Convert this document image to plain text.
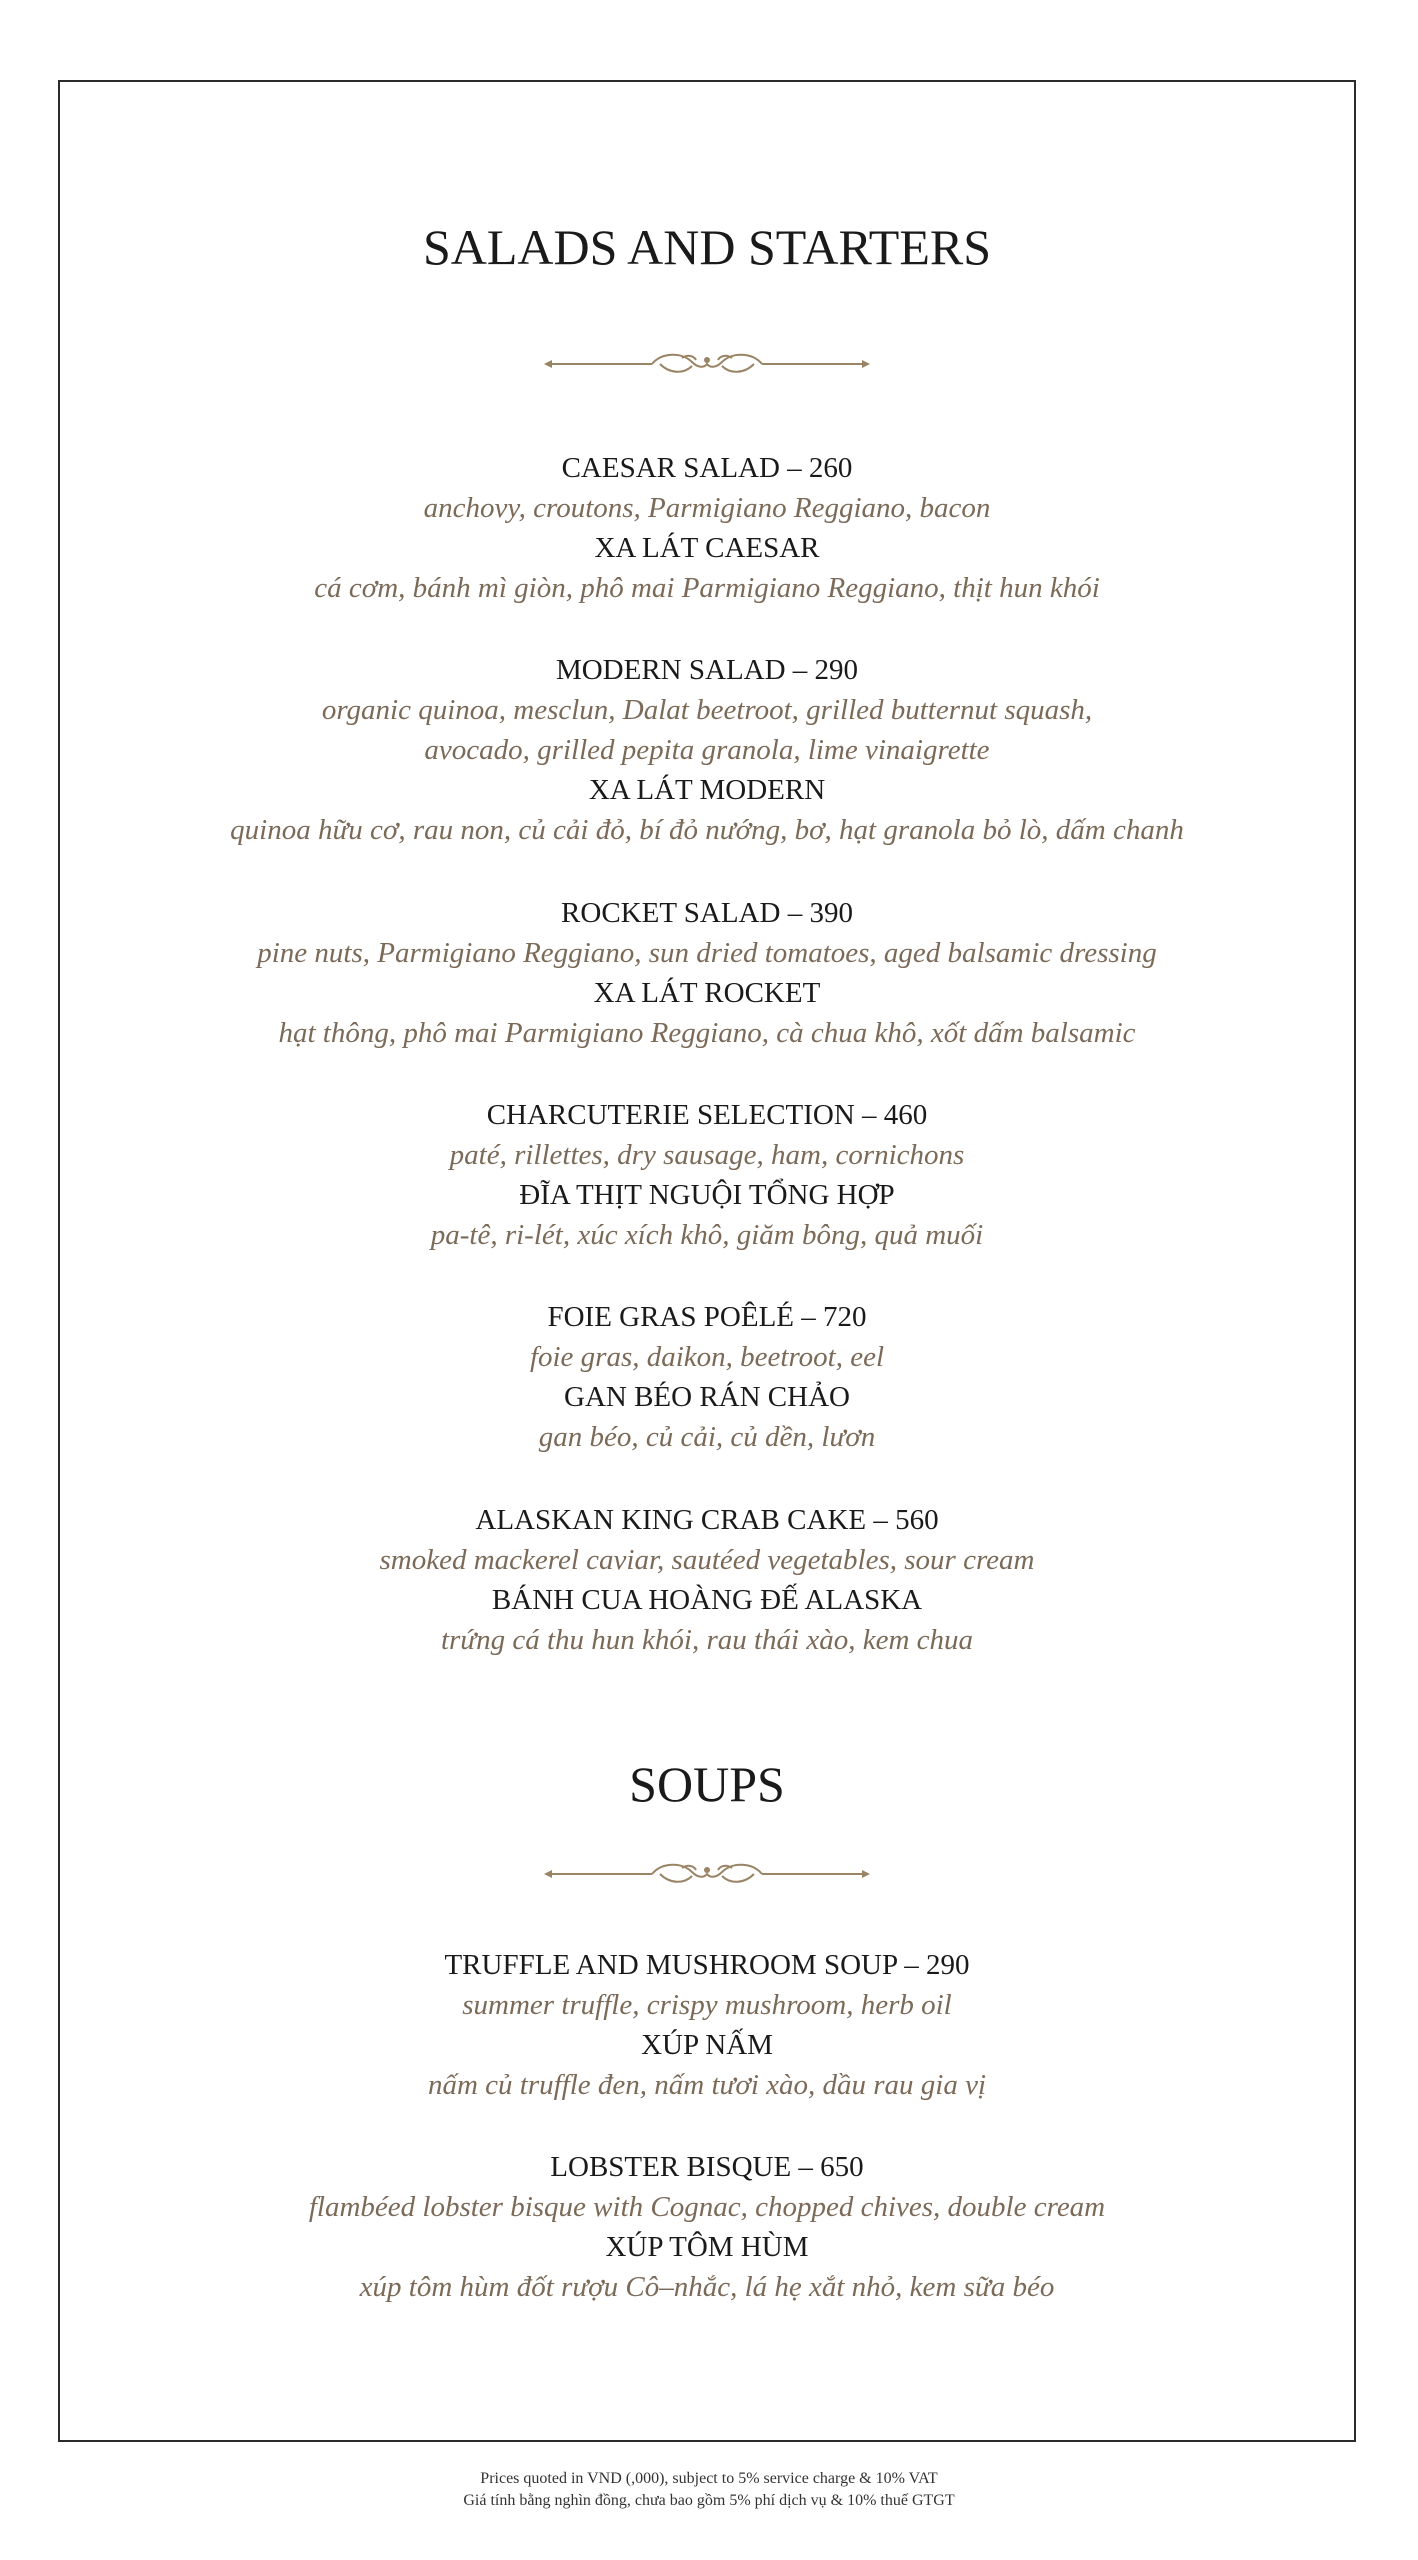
SALADS AND STARTERS

CAESAR SALAD – 260

anchovy, croutons, Parmigiano Reggiano, bacon

XA LÁT CAESAR

cá cơm, bánh mì giòn, phô mai Parmigiano Reggiano, thịt hun khói

MODERN SALAD – 290

organic quinoa, mesclun, Dalat beetroot, grilled butternut squash,

avocado, grilled pepita granola, lime vinaigrette

XA LÁT MODERN

quinoa hữu cơ, rau non, củ cải đỏ, bí đỏ nướng, bơ, hạt granola bỏ lò, dấm chanh

ROCKET SALAD – 390

pine nuts, Parmigiano Reggiano, sun dried tomatoes, aged balsamic dressing

XA LÁT ROCKET

hạt thông, phô mai Parmigiano Reggiano, cà chua khô, xốt dấm balsamic

CHARCUTERIE SELECTION – 460

paté, rillettes, dry sausage, ham, cornichons

ĐĨA THỊT NGUỘI TỔNG HỢP

pa-tê, ri-lét, xúc xích khô, giăm bông, quả muối

FOIE GRAS POÊLÉ – 720

foie gras, daikon, beetroot, eel

GAN BÉO RÁN CHẢO

gan béo, củ cải, củ dền, lươn

ALASKAN KING CRAB CAKE – 560

smoked mackerel caviar, sautéed vegetables, sour cream

BÁNH CUA HOÀNG ĐẾ ALASKA

trứng cá thu hun khói, rau thái xào, kem chua

SOUPS

TRUFFLE AND MUSHROOM SOUP – 290

summer truffle, crispy mushroom, herb oil

XÚP NẤM

nấm củ truffle đen, nấm tươi xào, dầu rau gia vị

LOBSTER BISQUE – 650

flambéed lobster bisque with Cognac, chopped chives, double cream

XÚP TÔM HÙM

xúp tôm hùm đốt rượu Cô–nhắc, lá hẹ xắt nhỏ, kem sữa béo

Prices quoted in VND (,000), subject to 5% service charge & 10% VAT

Giá tính bằng nghìn đồng, chưa bao gồm 5% phí dịch vụ & 10% thuế GTGT
